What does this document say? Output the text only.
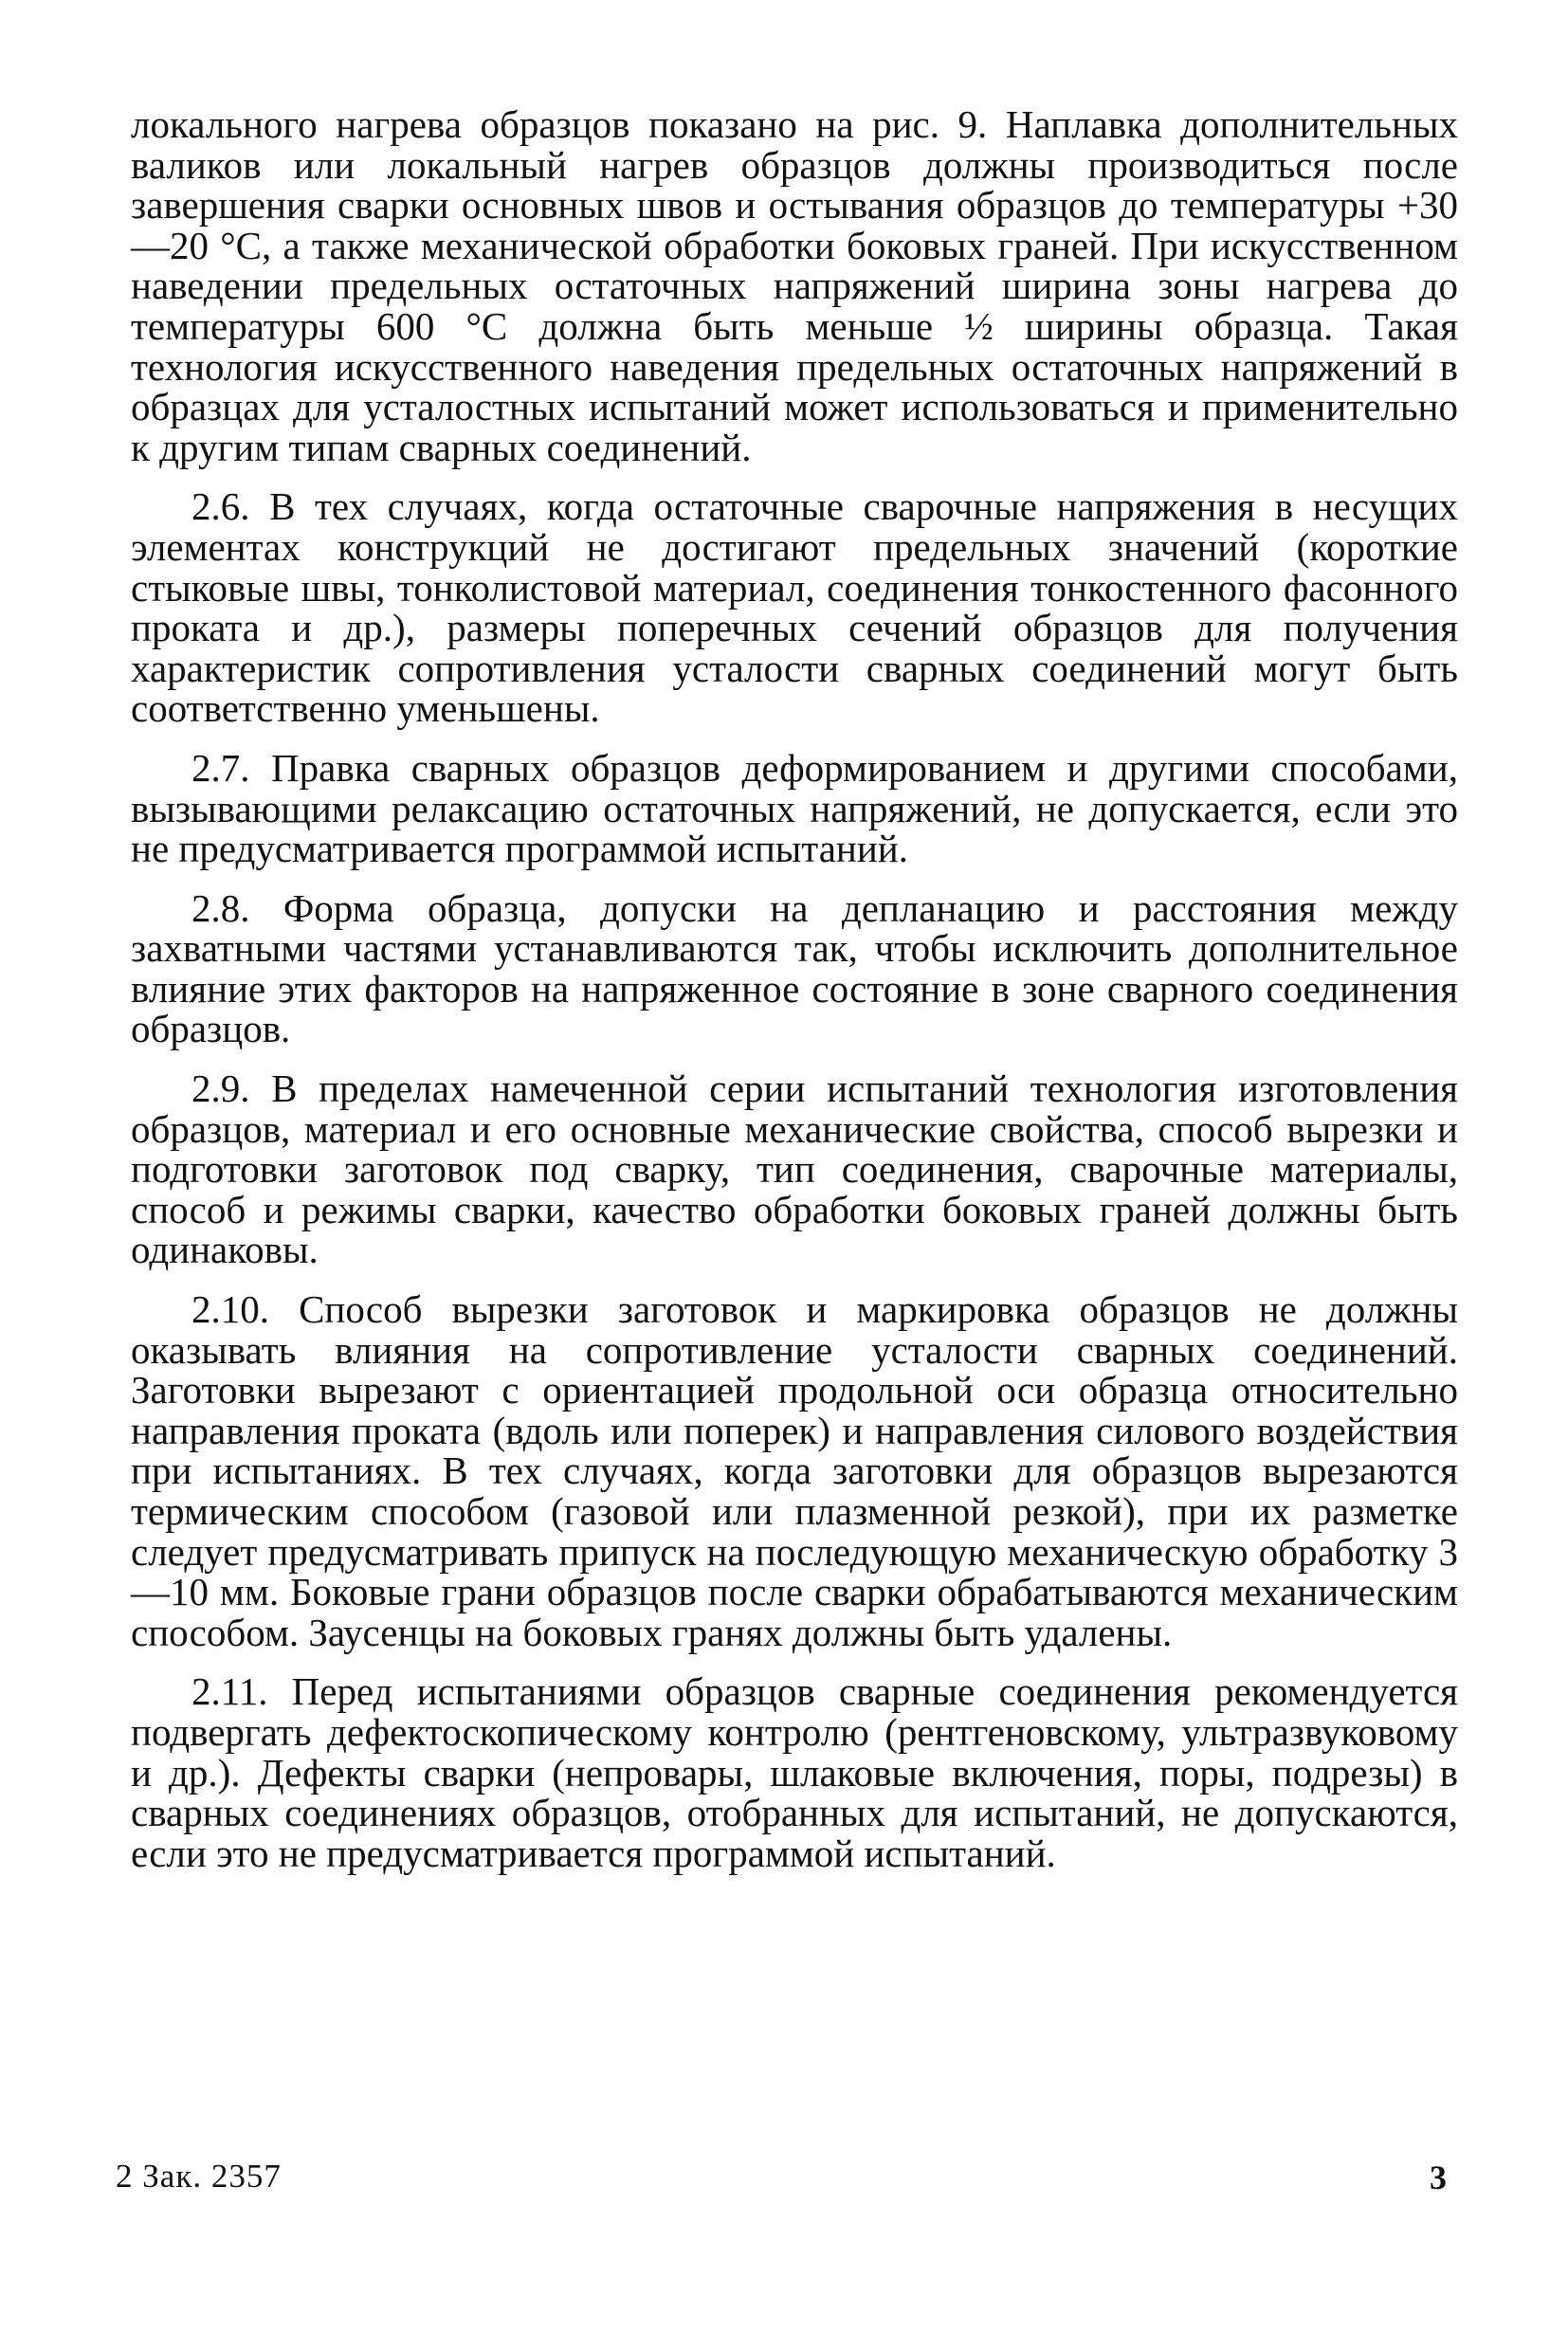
локального нагрева образцов показано на рис. 9. Наплавка дополнительных валиков или локальный нагрев образцов должны производиться после завершения сварки основных швов и остывания образцов до температуры +30—20 °C, а также механической обработки боковых граней. При искусственном наведении предельных остаточных напряжений ширина зоны нагрева до температуры 600 °C должна быть меньше ½ ширины образца. Такая технология искусственного наведения предельных остаточных напряжений в образцах для усталостных испытаний может использоваться и применительно к другим типам сварных соединений.

2.6. В тех случаях, когда остаточные сварочные напряжения в несущих элементах конструкций не достигают предельных значений (короткие стыковые швы, тонколистовой материал, соединения тонкостенного фасонного проката и др.), размеры поперечных сечений образцов для получения характеристик сопротивления усталости сварных соединений могут быть соответственно уменьшены.

2.7. Правка сварных образцов деформированием и другими способами, вызывающими релаксацию остаточных напряжений, не допускается, если это не предусматривается программой испытаний.

2.8. Форма образца, допуски на депланацию и расстояния между захватными частями устанавливаются так, чтобы исключить дополнительное влияние этих факторов на напряженное состояние в зоне сварного соединения образцов.

2.9. В пределах намеченной серии испытаний технология изготовления образцов, материал и его основные механические свойства, способ вырезки и подготовки заготовок под сварку, тип соединения, сварочные материалы, способ и режимы сварки, качество обработки боковых граней должны быть одинаковы.

2.10. Способ вырезки заготовок и маркировка образцов не должны оказывать влияния на сопротивление усталости сварных соединений. Заготовки вырезают с ориентацией продольной оси образца относительно направления проката (вдоль или поперек) и направления силового воздействия при испытаниях. В тех случаях, когда заготовки для образцов вырезаются термическим способом (газовой или плазменной резкой), при их разметке следует предусматривать припуск на последующую механическую обработку 3—10 мм. Боковые грани образцов после сварки обрабатываются механическим способом. Заусенцы на боковых гранях должны быть удалены.

2.11. Перед испытаниями образцов сварные соединения рекомендуется подвергать дефектоскопическому контролю (рентгеновскому, ультразвуковому и др.). Дефекты сварки (непровары, шлаковые включения, поры, подрезы) в сварных соединениях образцов, отобранных для испытаний, не допускаются, если это не предусматривается программой испытаний.

2 Зак. 2357	3
